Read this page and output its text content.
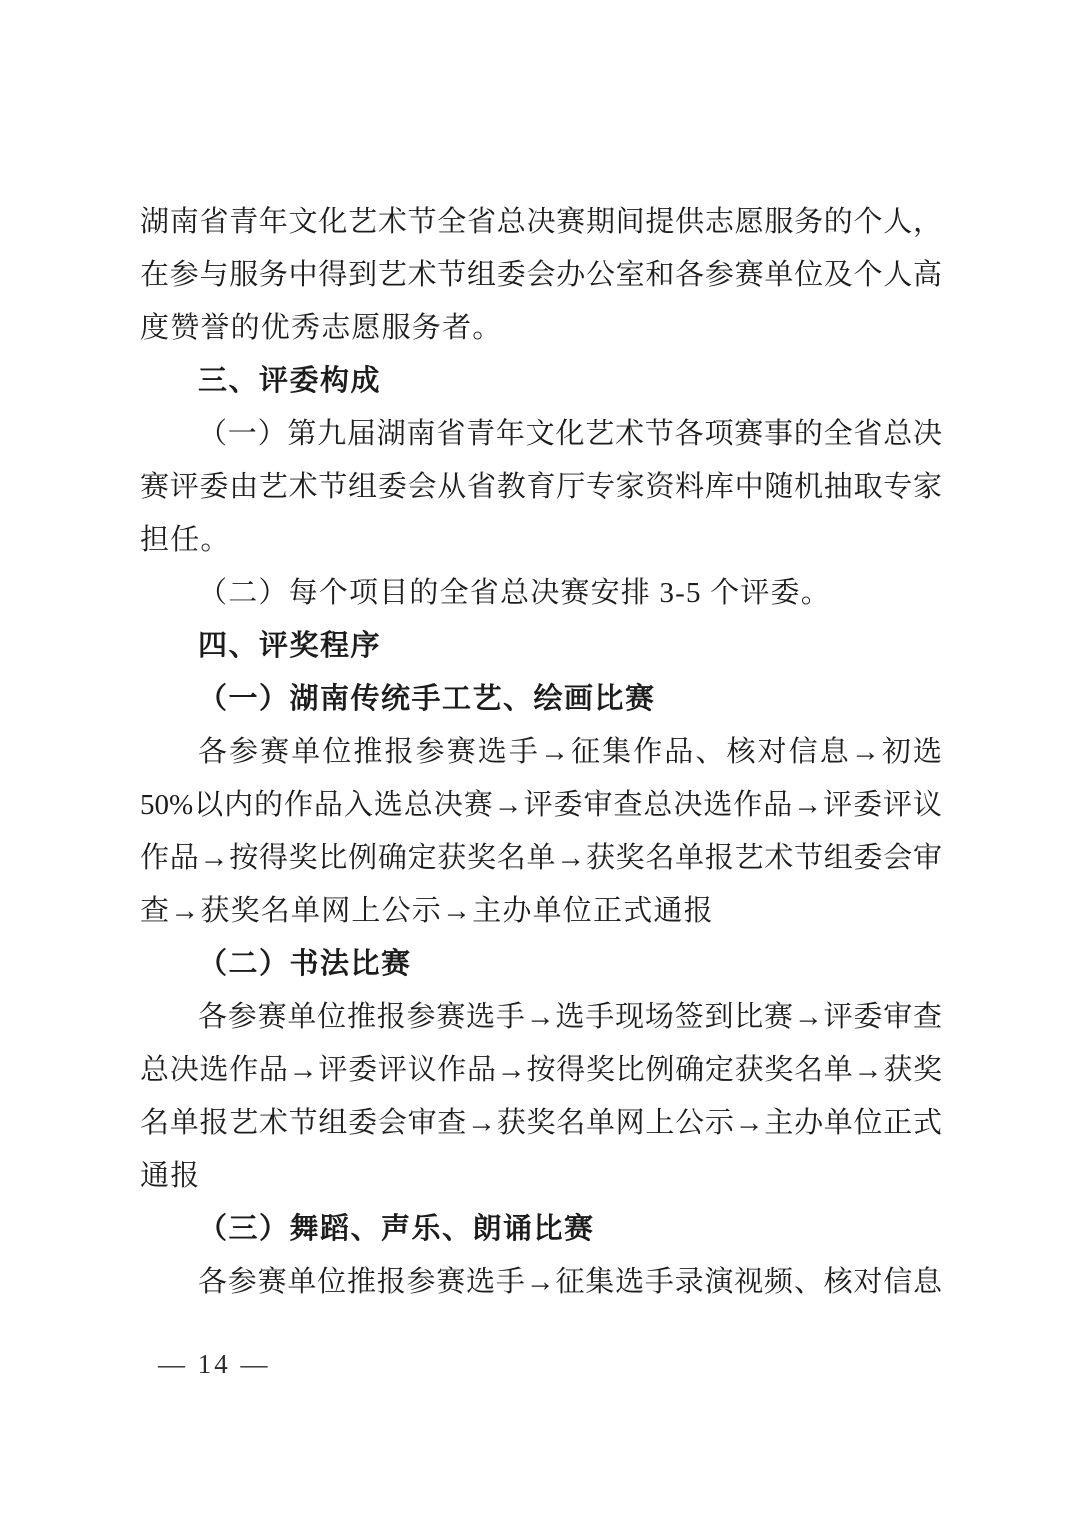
湖南省青年文化艺术节全省总决赛期间提供志愿服务的个人，
在参与服务中得到艺术节组委会办公室和各参赛单位及个人高
度赞誉的优秀志愿服务者。
三、评委构成
（一）第九届湖南省青年文化艺术节各项赛事的全省总决
赛评委由艺术节组委会从省教育厅专家资料库中随机抽取专家
担任。
（二）每个项目的全省总决赛安排 3-5 个评委。
四、评奖程序
（一）湖南传统手工艺、绘画比赛
各参赛单位推报参赛选手→征集作品、核对信息→初选
50%以内的作品入选总决赛→评委审查总决选作品→评委评议
作品→按得奖比例确定获奖名单→获奖名单报艺术节组委会审
查→获奖名单网上公示→主办单位正式通报
（二）书法比赛
各参赛单位推报参赛选手→选手现场签到比赛→评委审查
总决选作品→评委评议作品→按得奖比例确定获奖名单→获奖
名单报艺术节组委会审查→获奖名单网上公示→主办单位正式
通报
（三）舞蹈、声乐、朗诵比赛
各参赛单位推报参赛选手→征集选手录演视频、核对信息
— 14 —
